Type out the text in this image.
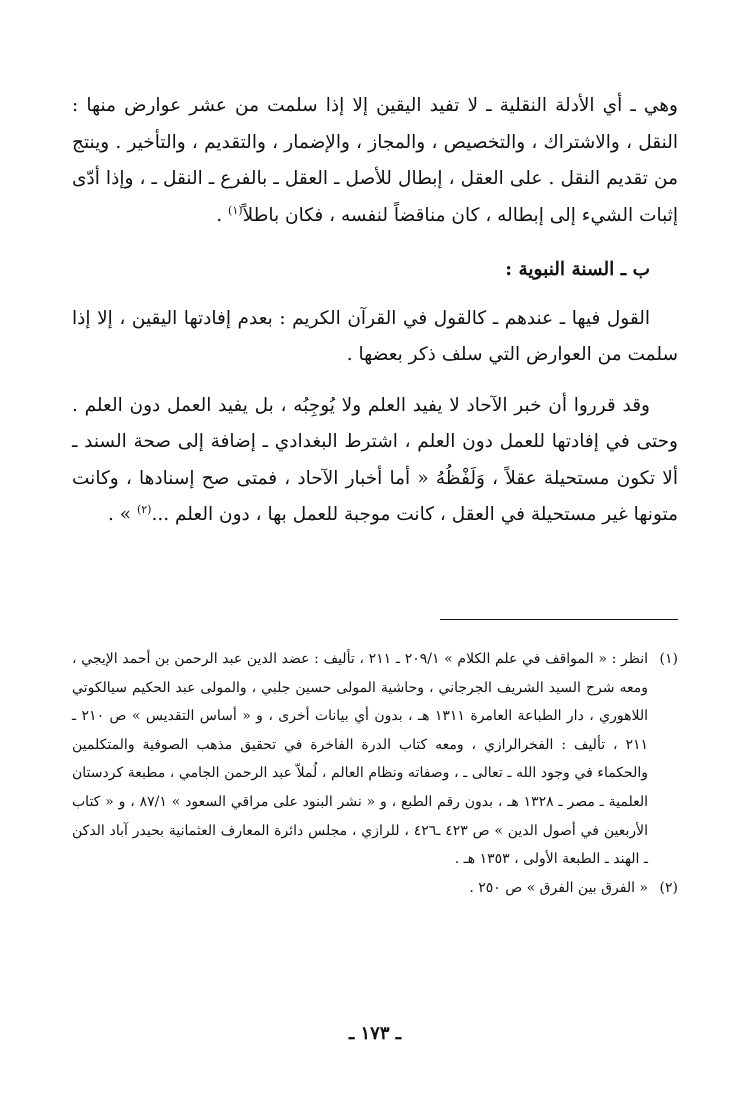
وهي ـ أي الأدلة النقلية ـ لا تفيد اليقين إلا إذا سلمت من عشر عوارض منها : النقل ، والاشتراك ، والتخصيص ، والمجاز ، والإضمار ، والتقديم ، والتأخير . وينتج من تقديم النقل . على العقل ، إبطال للأصل ـ العقل ـ بالفرع ـ النقل ـ ، وإذا أدّى إثبات الشيء إلى إبطاله ، كان مناقضاً لنفسه ، فكان باطلاً$^{(١)}$ .

ب ـ السنة النبوية :

القول فيها ـ عندهم ـ كالقول في القرآن الكريم : بعدم إفادتها اليقين ، إلا إذا سلمت من العوارض التي سلف ذكر بعضها .

وقد قرروا أن خبر الآحاد لا يفيد العلم ولا يُوجِبُه ، بل يفيد العمل دون العلم . وحتى في إفادتها للعمل دون العلم ، اشترط البغدادي ـ إضافة إلى صحة السند ـ ألا تكون مستحيلة عقلاً ، وَلَفْظُهُ « أما أخبار الآحاد ، فمتى صح إسنادها ، وكانت متونها غير مستحيلة في العقل ، كانت موجبة للعمل بها ، دون العلم ...$^{(٢)}$ » .

(١)انظر : « المواقف في علم الكلام » ٢٠٩/١ ـ ٢١١ ، تأليف : عضد الدين عبد الرحمن بن أحمد الإيجي ، ومعه شرح السيد الشريف الجرجاني ، وحاشية المولى حسين جلبي ، والمولى عبد الحكيم سيالكوتي اللاهوري ، دار الطباعة العامرة ١٣١١ هـ ، بدون أي بيانات أخرى ، و « أساس التقديس » ص ٢١٠ ـ ٢١١ ، تأليف : الفخرالرازي ، ومعه كتاب الدرة الفاخرة في تحقيق مذهب الصوفية والمتكلمين والحكماء في وجود الله ـ تعالى ـ ، وصفاته ونظام العالم ، لُملاّ عبد الرحمن الجامي ، مطبعة كردستان العلمية ـ مصر ـ ١٣٢٨ هـ ، بدون رقم الطبع ، و « نشر البنود على مراقي السعود » ٨٧/١ ، و « كتاب الأربعين في أصول الدين » ص ٤٢٣ ـ٤٢٦ ، للرازي ، مجلس دائرة المعارف العثمانية بحيدر آباد الدكن ـ الهند ـ الطبعة الأولى ، ١٣٥٣ هـ .

(٢)« الفرق بين الفرق » ص ٢٥٠ .

ـ ١٧٣ ـ
